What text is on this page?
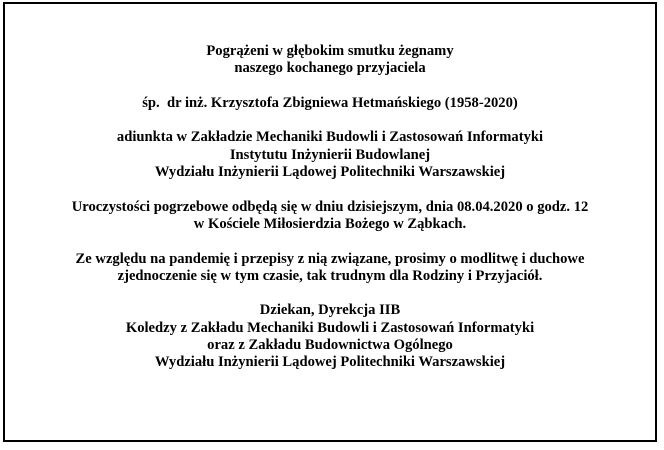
Pogrążeni w głębokim smutku żegnamy
naszego kochanego przyjaciela

śp.  dr inż. Krzysztofa Zbigniewa Hetmańskiego (1958-2020)

adiunkta w Zakładzie Mechaniki Budowli i Zastosowań Informatyki
Instytutu Inżynierii Budowlanej
Wydziału Inżynierii Lądowej Politechniki Warszawskiej

Uroczystości pogrzebowe odbędą się w dniu dzisiejszym, dnia 08.04.2020 o godz. 12
w Kościele Miłosierdzia Bożego w Ząbkach.

Ze względu na pandemię i przepisy z nią związane, prosimy o modlitwę i duchowe
zjednoczenie się w tym czasie, tak trudnym dla Rodziny i Przyjaciół.

Dziekan, Dyrekcja IIB
Koledzy z Zakładu Mechaniki Budowli i Zastosowań Informatyki
oraz z Zakładu Budownictwa Ogólnego
Wydziału Inżynierii Lądowej Politechniki Warszawskiej
